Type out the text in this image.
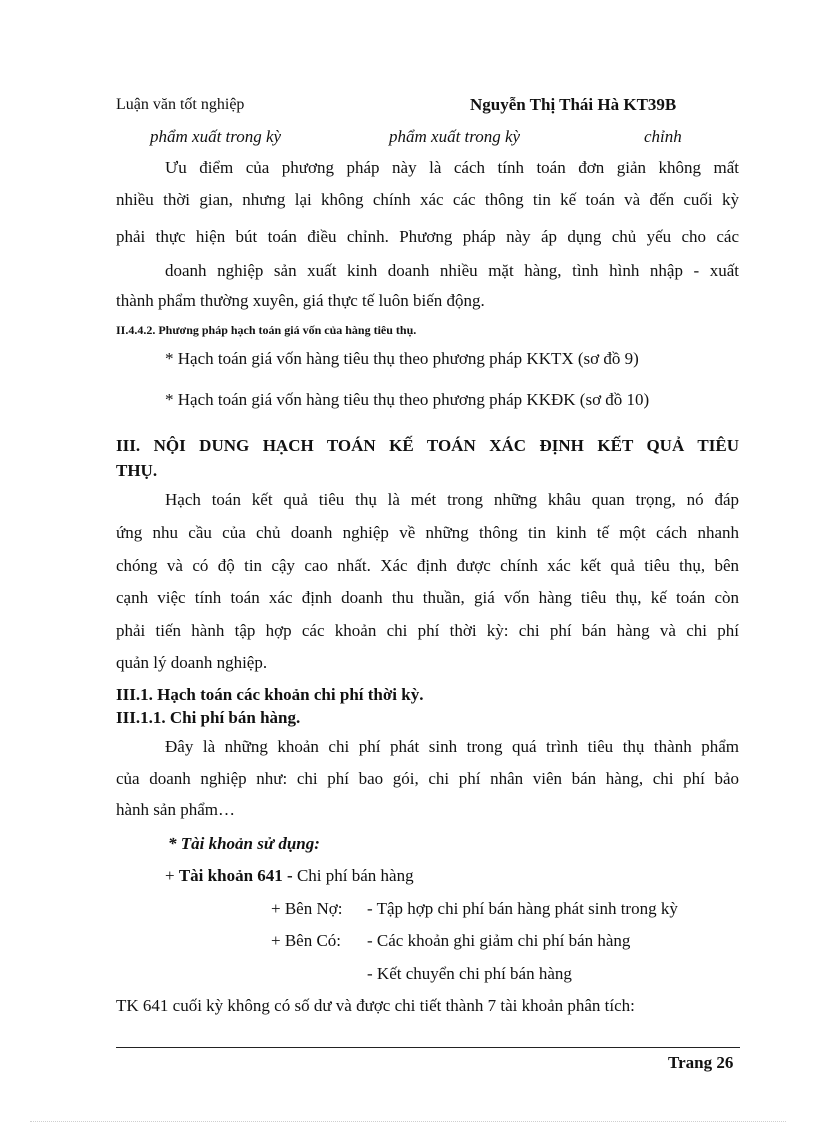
Luận văn tốt nghiệp	Nguyễn Thị Thái Hà KT39B
phẩm xuất trong kỳ	phẩm xuất trong kỳ	chỉnh
Ưu điểm của phương pháp này là cách tính toán đơn giản không mất
nhiều thời gian, nhưng lại không chính xác các thông tin kế toán và đến cuối kỳ
phải thực hiện bút toán điều chỉnh. Phương pháp này áp dụng chủ yếu cho các
doanh nghiệp sản xuất kinh doanh nhiều mặt hàng, tình hình nhập - xuất
thành phẩm thường xuyên, giá thực tế luôn biến động.
II.4.4.2. Phương pháp hạch toán giá vốn của hàng tiêu thụ.
* Hạch toán giá vốn hàng tiêu thụ theo phương pháp KKTX (sơ đồ 9)
* Hạch toán giá vốn hàng tiêu thụ theo phương pháp KKĐK (sơ đồ 10)
III. NỘI DUNG HẠCH TOÁN KẾ TOÁN XÁC ĐỊNH KẾT QUẢ TIÊU
THỤ.
Hạch toán kết quả tiêu thụ là mét trong những khâu quan trọng, nó đáp
ứng nhu cầu của chủ doanh nghiệp về những thông tin kinh tế một cách nhanh
chóng và có độ tin cậy cao nhất. Xác định được chính xác kết quả tiêu thụ, bên
cạnh việc tính toán xác định doanh thu thuần, giá vốn hàng tiêu thụ, kế toán còn
phải tiến hành tập hợp các khoản chi phí thời kỳ: chi phí bán hàng và chi phí
quản lý doanh nghiệp.
III.1. Hạch toán các khoản chi phí thời kỳ.
III.1.1. Chi phí bán hàng.
Đây là những khoản chi phí phát sinh trong quá trình tiêu thụ thành phẩm
của doanh nghiệp như: chi phí bao gói, chi phí nhân viên bán hàng, chi phí bảo
hành sản phẩm…
* Tài khoản sử dụng:
+ Tài khoản 641 - Chi phí bán hàng
+ Bên Nợ: - Tập hợp chi phí bán hàng phát sinh trong kỳ
+ Bên Có: - Các khoản ghi giảm chi phí bán hàng
- Kết chuyển chi phí bán hàng
TK 641 cuối kỳ không có số dư và được chi tiết thành 7 tài khoản phân tích:
Trang 26
